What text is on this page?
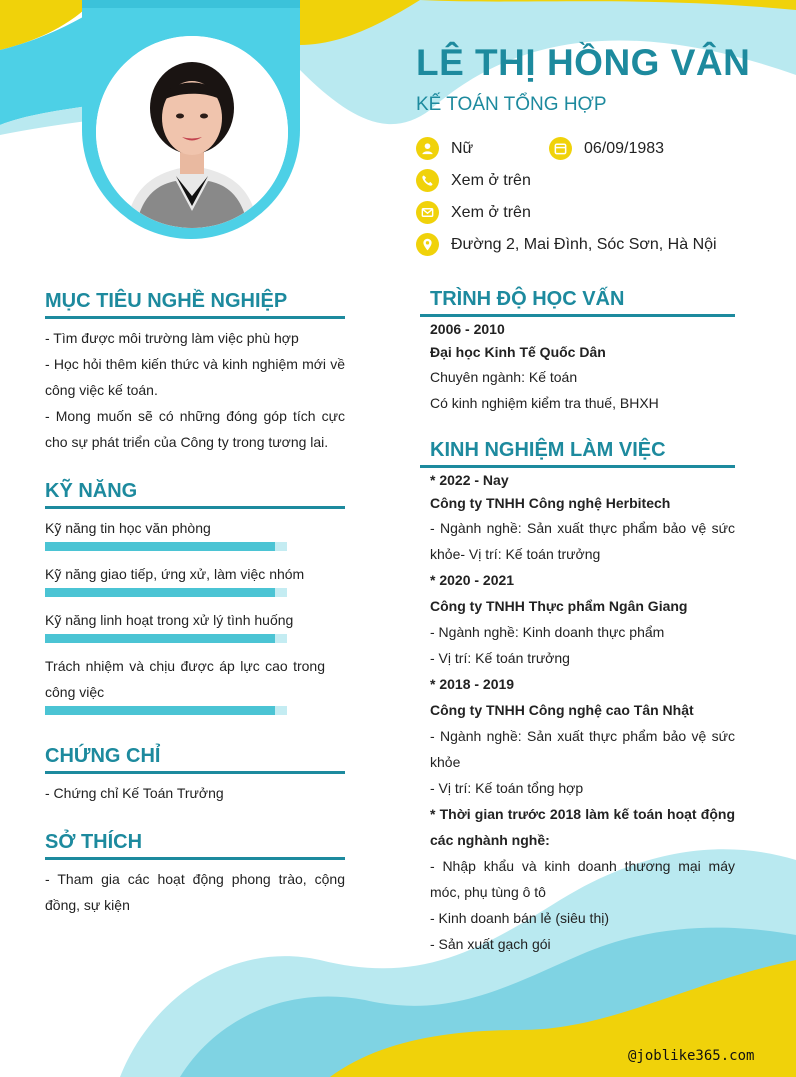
LÊ THỊ HỒNG VÂN
KẾ TOÁN TỔNG HỢP
Nữ	06/09/1983
Xem ở trên
Xem ở trên
Đường 2, Mai Đình, Sóc Sơn, Hà Nội
MỤC TIÊU NGHỀ NGHIỆP
- Tìm được môi trường làm việc phù hợp
- Học hỏi thêm kiến thức và kinh nghiệm mới về công việc kế toán.
- Mong muốn sẽ có những đóng góp tích cực cho sự phát triển của Công ty trong tương lai.
KỸ NĂNG
Kỹ năng tin học văn phòng
Kỹ năng giao tiếp, ứng xử, làm việc nhóm
Kỹ năng linh hoạt trong xử lý tình huống
Trách nhiệm và chịu được áp lực cao trong công việc
CHỨNG CHỈ
- Chứng chỉ Kế Toán Trưởng
SỞ THÍCH
- Tham gia các hoạt động phong trào, cộng đồng, sự kiện
TRÌNH ĐỘ HỌC VẤN
2006 - 2010
Đại học Kinh Tế Quốc Dân
Chuyên ngành: Kế toán
Có kinh nghiệm kiểm tra thuế, BHXH
KINH NGHIỆM LÀM VIỆC
* 2022 - Nay
Công ty TNHH Công nghệ Herbitech
- Ngành nghề: Sản xuất thực phẩm bảo vệ sức khỏe- Vị trí: Kế toán trưởng
* 2020 - 2021
Công ty TNHH Thực phẩm Ngân Giang
- Ngành nghề: Kinh doanh thực phẩm
- Vị trí: Kế toán trưởng
* 2018 - 2019
Công ty TNHH Công nghệ cao Tân Nhật
- Ngành nghề: Sản xuất thực phẩm bảo vệ sức khỏe
- Vị trí: Kế toán tổng hợp
* Thời gian trước 2018 làm kế toán hoạt động các nghành nghề:
- Nhập khẩu và kinh doanh thương mại máy móc, phụ tùng ô tô
- Kinh doanh bán lẻ (siêu thị)
- Sản xuất gạch gói
@joblike365.com
